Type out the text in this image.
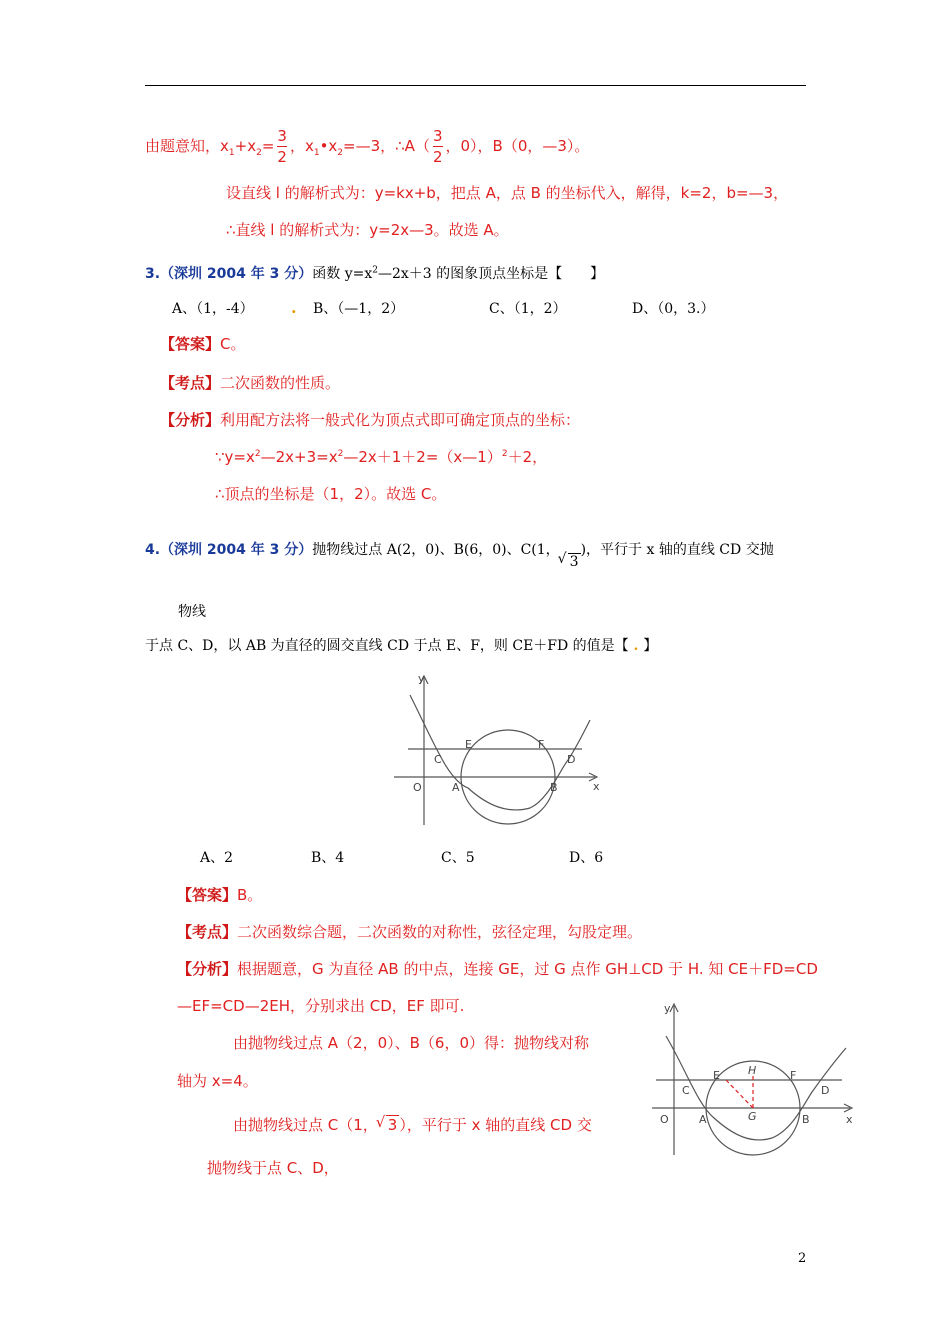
由题意知，$x_1+x_2= \frac{3}{2}$ ，$x_1•x_2=—3$，∴A（ $\frac{3}{2}$ ，0），B（0，—3）。
设直线 l 的解析式为：y=kx+b，把点 A，点 B 的坐标代入，解得，k=2，b=—3，
∴直线 l 的解析式为：y=2x—3。故选 A。
3.（深圳 2004 年 3 分）函数 $y=x^2—2x+3$ 的图象顶点坐标是【　　】
A、（1，-4） . B、（—1，2）	C、（1，2）	D、（0，3.）
【答案】C。
【考点】二次函数的性质。
【分析】利用配方法将一般式化为顶点式即可确定顶点的坐标：
$\because y=x^2—2x+3=x^2—2x+1+2=(x—1)^2+2$，
∴顶点的坐标是（1，2）。故选 C。
4.（深圳 2004 年 3 分）抛物线过点 A(2，0)、B(6，0)、C(1，√ 3)，平行于 x 轴的直线 CD 交抛
物线
于点 C、D，以 AB 为直径的圆交直线 CD 于点 E、F，则 CE＋FD 的值是【 . 】
y
O
C
E	F
D
A	B	x
A、2	B、4	C、5	D、6
【答案】B。
【考点】二次函数综合题，二次函数的对称性，弦径定理，勾股定理。
【分析】根据题意，G 为直径 AB 的中点，连接 GE，过 G 点作 GH⊥CD 于 H. 知 CE＋FD=CD
—EF=CD—2EH，分别求出 CD，EF 即可.
由抛物线过点 A（2，0）、B（6，0）得：抛物线对称
轴为 x=4。
由抛物线过点 C（1，√ 3 ），平行于 x 轴的直线 CD 交
抛物线于点 C、D，
y
O
C
E	H	F
D
A	G	B	x
2
